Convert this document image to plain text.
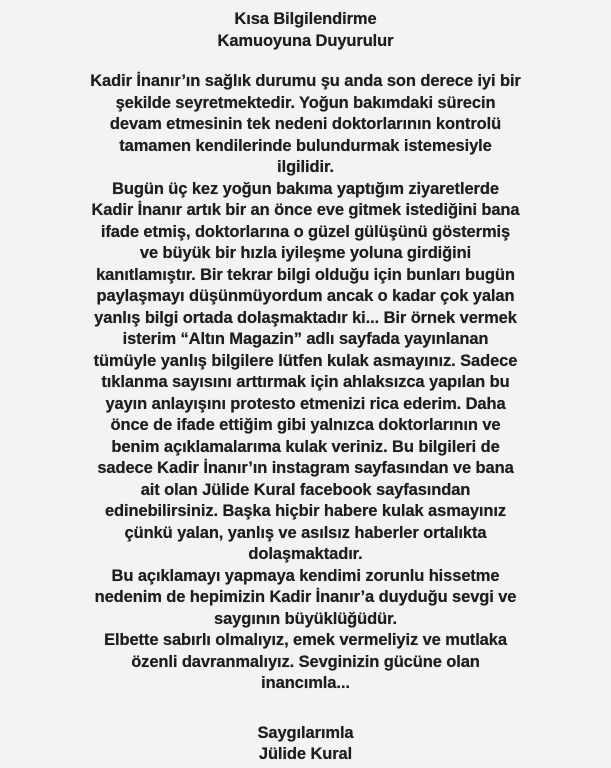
Kısa Bilgilendirme
Kamuoyuna Duyurulur
Kadir İnanır’ın sağlık durumu şu anda son derece iyi bir
şekilde seyretmektedir. Yoğun bakımdaki sürecin
devam etmesinin tek nedeni doktorlarının kontrolü
tamamen kendilerinde bulundurmak istemesiyle
ilgilidir.
Bugün üç kez yoğun bakıma yaptığım ziyaretlerde
Kadir İnanır artık bir an önce eve gitmek istediğini bana
ifade etmiş, doktorlarına o güzel gülüşünü göstermiş
ve büyük bir hızla iyileşme yoluna girdiğini
kanıtlamıştır. Bir tekrar bilgi olduğu için bunları bugün
paylaşmayı düşünmüyordum ancak o kadar çok yalan
yanlış bilgi ortada dolaşmaktadır ki... Bir örnek vermek
isterim “Altın Magazin” adlı sayfada yayınlanan
tümüyle yanlış bilgilere lütfen kulak asmayınız. Sadece
tıklanma sayısını arttırmak için ahlaksızca yapılan bu
yayın anlayışını protesto etmenizi rica ederim. Daha
önce de ifade ettiğim gibi yalnızca doktorlarının ve
benim açıklamalarıma kulak veriniz. Bu bilgileri de
sadece Kadir İnanır’ın instagram sayfasından ve bana
ait olan Jülide Kural facebook sayfasından
edinebilirsiniz. Başka hiçbir habere kulak asmayınız
çünkü yalan, yanlış ve asılsız haberler ortalıkta
dolaşmaktadır.
Bu açıklamayı yapmaya kendimi zorunlu hissetme
nedenim de hepimizin Kadir İnanır’a duyduğu sevgi ve
saygının büyüklüğüdür.
Elbette sabırlı olmalıyız, emek vermeliyiz ve mutlaka
özenli davranmalıyız. Sevginizin gücüne olan
inancımla...
Saygılarımla
Jülide Kural
